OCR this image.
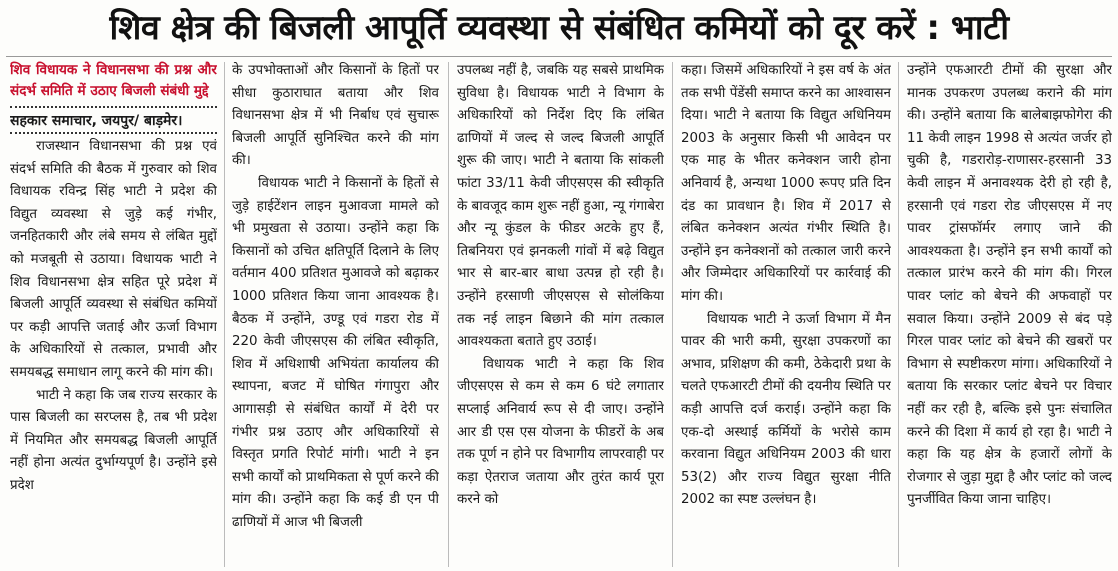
शिव क्षेत्र की बिजली आपूर्ति व्यवस्था से संबंधित कमियों को दूर करें : भाटी
शिव विधायक ने विधानसभा की प्रश्न और संदर्भ समिति में उठाए बिजली संबंधी मुद्दे
सहकार समाचार, जयपुर/ बाड़मेर।

राजस्थान विधानसभा की प्रश्न एवं संदर्भ समिति की बैठक में गुरुवार को शिव विधायक रविन्द्र सिंह भाटी ने प्रदेश की विद्युत व्यवस्था से जुड़े कई गंभीर, जनहितकारी और लंबे समय से लंबित मुद्दों को मजबूती से उठाया। विधायक भाटी ने शिव विधानसभा क्षेत्र सहित पूरे प्रदेश में बिजली आपूर्ति व्यवस्था से संबंधित कमियों पर कड़ी आपत्ति जताई और ऊर्जा विभाग के अधिकारियों से तत्काल, प्रभावी और समयबद्ध समाधान लागू करने की मांग की।

भाटी ने कहा कि जब राज्य सरकार के पास बिजली का सरप्लस है, तब भी प्रदेश में नियमित और समयबद्ध बिजली आपूर्ति नहीं होना अत्यंत दुर्भाग्यपूर्ण है। उन्होंने इसे प्रदेश

के उपभोक्ताओं और किसानों के हितों पर सीधा कुठाराघात बताया और शिव विधानसभा क्षेत्र में भी निर्बाध एवं सुचारू बिजली आपूर्ति सुनिश्चित करने की मांग की।

विधायक भाटी ने किसानों के हितों से जुड़े हाईटेंशन लाइन मुआवजा मामले को भी प्रमुखता से उठाया। उन्होंने कहा कि किसानों को उचित क्षतिपूर्ति दिलाने के लिए वर्तमान 400 प्रतिशत मुआवजे को बढ़ाकर 1000 प्रतिशत किया जाना आवश्यक है। बैठक में उन्होंने, उण्डू एवं गडरा रोड में 220 केवी जीएसएस की लंबित स्वीकृति, शिव में अधिशाषी अभियंता कार्यालय की स्थापना, बजट में घोषित गंगापुरा और आगासड़ी से संबंधित कार्यों में देरी पर गंभीर प्रश्न उठाए और अधिकारियों से विस्तृत प्रगति रिपोर्ट मांगी। भाटी ने इन सभी कार्यों को प्राथमिकता से पूर्ण करने की मांग की। उन्होंने कहा कि कई डी एन पी ढाणियों में आज भी बिजली

उपलब्ध नहीं है, जबकि यह सबसे प्राथमिक सुविधा है। विधायक भाटी ने विभाग के अधिकारियों को निर्देश दिए कि लंबित ढाणियों में जल्द से जल्द बिजली आपूर्ति शुरू की जाए। भाटी ने बताया कि सांकली फांटा 33/11 केवी जीएसएस की स्वीकृति के बावजूद काम शुरू नहीं हुआ, न्यू गंगाबेरा और न्यू कुंडल के फीडर अटके हुए हैं, तिबनियरा एवं झनकली गांवों में बढ़े विद्युत भार से बार-बार बाधा उत्पन्न हो रही है। उन्होंने हरसाणी जीएसएस से सोलंकिया तक नई लाइन बिछाने की मांग तत्काल आवश्यकता बताते हुए उठाई।

विधायक भाटी ने कहा कि शिव जीएसएस से कम से कम 6 घंटे लगातार सप्लाई अनिवार्य रूप से दी जाए। उन्होंने आर डी एस एस योजना के फीडरों के अब तक पूर्ण न होने पर विभागीय लापरवाही पर कड़ा ऐतराज जताया और तुरंत कार्य पूरा करने को

कहा। जिसमें अधिकारियों ने इस वर्ष के अंत तक सभी पेंडेंसी समाप्त करने का आश्वासन दिया। भाटी ने बताया कि विद्युत अधिनियम 2003 के अनुसार किसी भी आवेदन पर एक माह के भीतर कनेक्शन जारी होना अनिवार्य है, अन्यथा 1000 रूपए प्रति दिन दंड का प्रावधान है। शिव में 2017 से लंबित कनेक्शन अत्यंत गंभीर स्थिति है। उन्होंने इन कनेक्शनों को तत्काल जारी करने और जिम्मेदार अधिकारियों पर कार्रवाई की मांग की।

विधायक भाटी ने ऊर्जा विभाग में मैन पावर की भारी कमी, सुरक्षा उपकरणों का अभाव, प्रशिक्षण की कमी, ठेकेदारी प्रथा के चलते एफआरटी टीमों की दयनीय स्थिति पर कड़ी आपत्ति दर्ज कराई। उन्होंने कहा कि एक-दो अस्थाई कर्मियों के भरोसे काम करवाना विद्युत अधिनियम 2003 की धारा 53(2) और राज्य विद्युत सुरक्षा नीति 2002 का स्पष्ट उल्लंघन है।

उन्होंने एफआरटी टीमों की सुरक्षा और मानक उपकरण उपलब्ध कराने की मांग की। उन्होंने बताया कि बालेबाझफोगेरा की 11 केवी लाइन 1998 से अत्यंत जर्जर हो चुकी है, गडरारोड़-राणासर-हरसानी 33 केवी लाइन में अनावश्यक देरी हो रही है, हरसानी एवं गडरा रोड जीएसएस में नए पावर ट्रांसफॉर्मर लगाए जाने की आवश्यकता है। उन्होंने इन सभी कार्यों को तत्काल प्रारंभ करने की मांग की। गिरल पावर प्लांट को बेचने की अफवाहों पर सवाल किया। उन्होंने 2009 से बंद पड़े गिरल पावर प्लांट को बेचने की खबरों पर विभाग से स्पष्टीकरण मांगा। अधिकारियों ने बताया कि सरकार प्लांट बेचने पर विचार नहीं कर रही है, बल्कि इसे पुनः संचालित करने की दिशा में कार्य हो रहा है। भाटी ने कहा कि यह क्षेत्र के हजारों लोगों के रोजगार से जुड़ा मुद्दा है और प्लांट को जल्द पुनर्जीवित किया जाना चाहिए।
